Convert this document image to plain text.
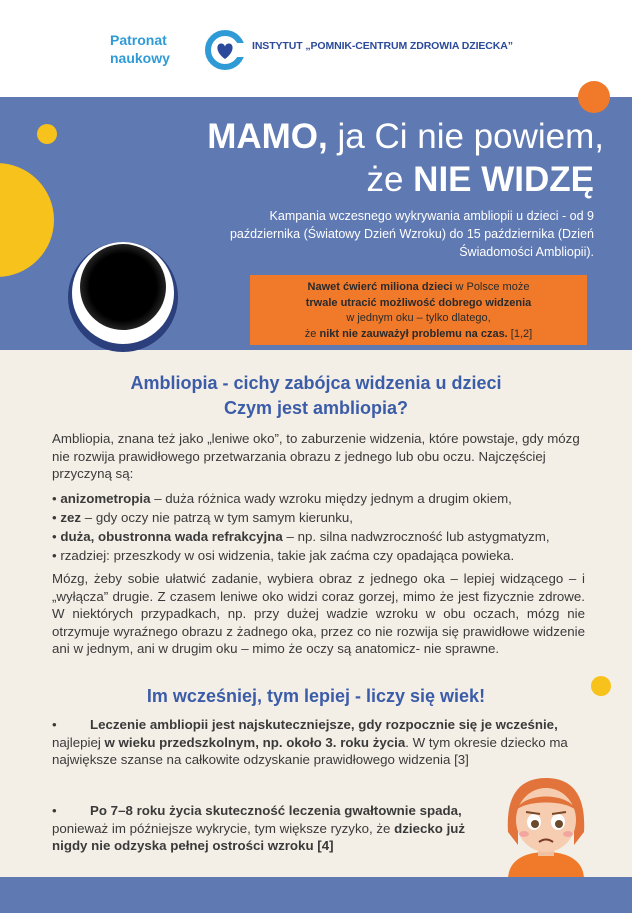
Patronat naukowy
INSTYTUT „POMNIK-CENTRUM ZDROWIA DZIECKA”
MAMO, ja Ci nie powiem,
że NIE WIDZĘ
Kampania wczesnego wykrywania ambliopii u dzieci - od 9 października (Światowy Dzień Wzroku) do 15 października (Dzień Świadomości Ambliopii).
Nawet ćwierć miliona dzieci w Polsce może
trwale utracić możliwość dobrego widzenia
w jednym oku – tylko dlatego,
że nikt nie zauważył problemu na czas. [1,2]
Ambliopia - cichy zabójca widzenia u dzieci
Czym jest ambliopia?
Ambliopia, znana też jako „leniwe oko”, to zaburzenie widzenia, które powstaje, gdy mózg nie rozwija prawidłowego przetwarzania obrazu z jednego lub obu oczu. Najczęściej przyczyną są:
• anizometropia – duża różnica wady wzroku między jednym a drugim okiem,
• zez – gdy oczy nie patrzą w tym samym kierunku,
• duża, obustronna wada refrakcyjna – np. silna nadwzroczność lub astygmatyzm,
• rzadziej: przeszkody w osi widzenia, takie jak zaćma czy opadająca powieka.
Mózg, żeby sobie ułatwić zadanie, wybiera obraz z jednego oka – lepiej widzącego – i „wyłącza” drugie. Z czasem leniwe oko widzi coraz gorzej, mimo że jest fizycznie zdrowe. W niektórych przypadkach, np. przy dużej wadzie wzroku w obu oczach, mózg nie otrzymuje wyraźnego obrazu z żadnego oka, przez co nie rozwija się prawidłowe widzenie ani w jednym, ani w drugim oku – mimo że oczy są anatomicz- nie sprawne.
Im wcześniej, tym lepiej - liczy się wiek!
•	Leczenie ambliopii jest najskuteczniejsze, gdy rozpocznie się je wcześnie, najlepiej w wieku przedszkolnym, np. około 3. roku życia. W tym okresie dziecko ma największe szanse na całkowite odzyskanie prawidłowego widzenia [3]
•	Po 7–8 roku życia skuteczność leczenia gwałtownie spada, ponieważ im późniejsze wykrycie, tym większe ryzyko, że dziecko już nigdy nie odzyska pełnej ostrości wzroku [4]
